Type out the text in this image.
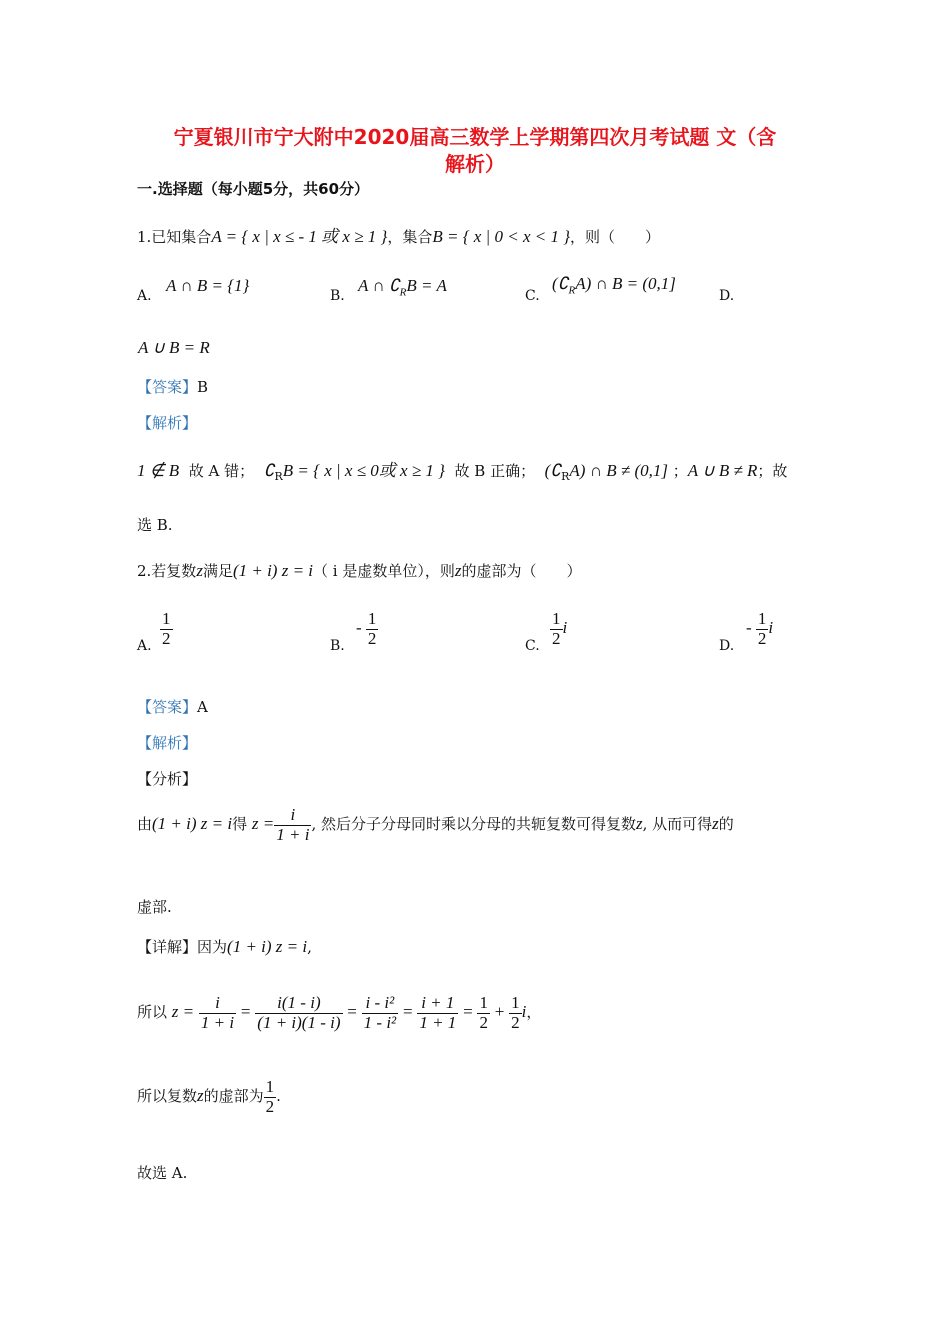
宁夏银川市宁大附中2020届高三数学上学期第四次月考试题 文（含
解析）
一.选择题（每小题5分，共60分）
1.已知集合A = { x | x ≤ - 1 或 x ≥ 1 }，集合B = { x | 0 < x < 1 }，则（　　）
A.
A ∩ B = {1}
B.
A ∩ $∁_RB = A$
C.
$(∁_RA)$ ∩ B = (0,1]
D.
A ∪ B = R
【答案】B
【解析】
1 ∉ B 故 A 错； $∁_RB$ = { x | x ≤ 0或 x ≥ 1 } 故 B 正确； $(∁_RA)$ ∩ B ≠ (0,1] ；A ∪ B ≠ R；故
选 B.
2.若复数z满足(1 + i) z = i（ i 是虚数单位），则z的虚部为（　　）
A. $\frac{1}{2}$	B.
- $\frac{1}{2}$	C. $\frac{1}{2}$ i
D.
- $\frac{1}{2}$ i
【答案】A
【解析】
【分析】
由(1 + i) z = i得 $z = \frac{i}{1 + i}$ , 然后分子分母同时乘以分母的共轭复数可得复数z, 从而可得z的
虚部.
【详解】因为(1 + i) z = i,
所以 $z = \frac{i}{1 + i} = \frac{i(1 - i)}{(1 + i)(1 - i)} = \frac{\text{i - i²}}{\text{1 - i²}} = \frac{i + 1}{1 + 1} = \frac{1}{2} + \frac{1}{2}$ i，
所以复数z的虚部为 $\frac{1}{2}$ .
故选 A.
